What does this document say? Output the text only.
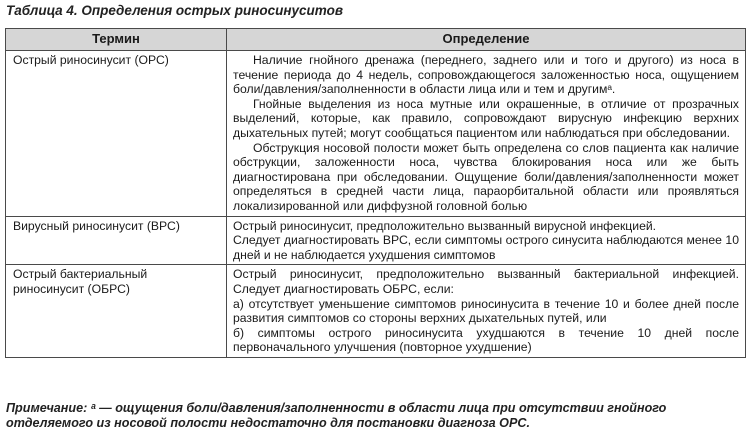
Таблица 4. Определения острых риносинуситов
Термин	Определение
Острый риносинусит (ОРС)	Наличие гнойного дренажа (переднего, заднего или и того и другого) из носа в течение периода до 4 недель, сопровождающегося заложенностью носа, ощущением боли/давления/заполненности в области лица или и тем и другимᵃ.

Гнойные выделения из носа мутные или окрашенные, в отличие от прозрачных выделений, которые, как правило, сопровождают вирусную инфекцию верхних дыхательных путей; могут сообщаться пациентом или наблюдаться при обследовании.

Обструкция носовой полости может быть определена со слов пациента как наличие обструкции, заложенности носа, чувства блокирования носа или же быть диагностирована при обследовании. Ощущение боли/давления/заполненности может определяться в средней части лица, параорбитальной области или проявляться локализированной или диффузной головной болью

Вирусный риносинусит (ВРС)	Острый риносинусит, предположительно вызванный вирусной инфекцией.

Следует диагностировать ВРС, если симптомы острого синусита наблюдаются менее 10 дней и не наблюдается ухудшения симптомов

Острый бактериальный риносинусит (ОБРС)	Острый риносинусит, предположительно вызванный бактериальной инфекцией. Следует диагностировать ОБРС, если:

а) отсутствует уменьшение симптомов риносинусита в течение 10 и более дней после развития симптомов со стороны верхних дыхательных путей, или

б) симптомы острого риносинусита ухудшаются в течение 10 дней после первоначального улучшения (повторное ухудшение)

Примечание: ᵃ — ощущения боли/давления/заполненности в области лица при отсутствии гнойного отделяемого из носовой полости недостаточно для постановки диагноза ОРС.
